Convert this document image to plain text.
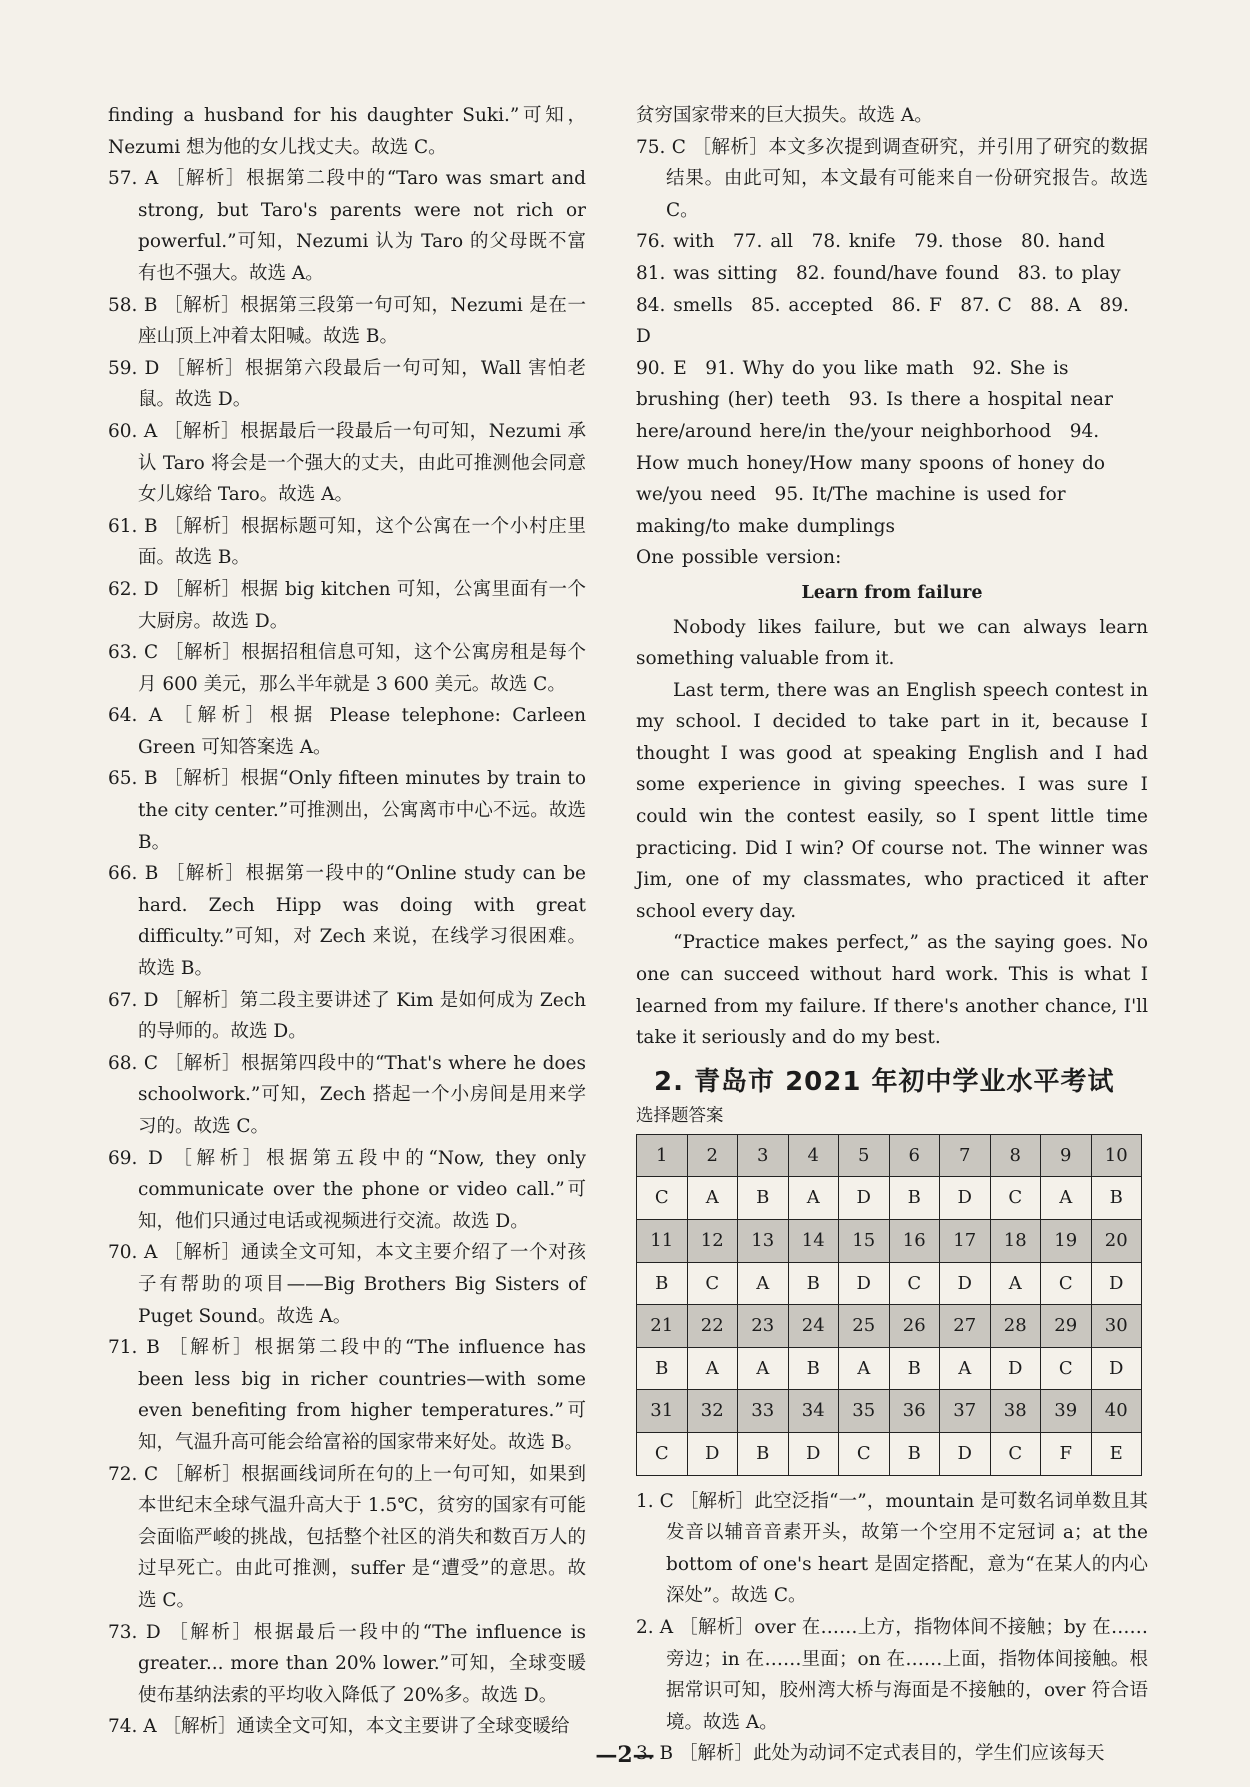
finding a husband for his daughter Suki.”可知，Nezumi 想为他的女儿找丈夫。故选 C。

57. A ［解析］根据第二段中的“Taro was smart and strong, but Taro's parents were not rich or powerful.”可知，Nezumi 认为 Taro 的父母既不富有也不强大。故选 A。

58. B ［解析］根据第三段第一句可知，Nezumi 是在一座山顶上冲着太阳喊。故选 B。

59. D ［解析］根据第六段最后一句可知，Wall 害怕老鼠。故选 D。

60. A ［解析］根据最后一段最后一句可知，Nezumi 承认 Taro 将会是一个强大的丈夫，由此可推测他会同意女儿嫁给 Taro。故选 A。

61. B ［解析］根据标题可知，这个公寓在一个小村庄里面。故选 B。

62. D ［解析］根据 big kitchen 可知，公寓里面有一个大厨房。故选 D。

63. C ［解析］根据招租信息可知，这个公寓房租是每个月 600 美元，那么半年就是 3 600 美元。故选 C。

64. A ［解析］根据 Please telephone: Carleen Green 可知答案选 A。

65. B ［解析］根据“Only fifteen minutes by train to the city center.”可推测出，公寓离市中心不远。故选 B。

66. B ［解析］根据第一段中的“Online study can be hard. Zech Hipp was doing with great difficulty.”可知，对 Zech 来说，在线学习很困难。故选 B。

67. D ［解析］第二段主要讲述了 Kim 是如何成为 Zech 的导师的。故选 D。

68. C ［解析］根据第四段中的“That's where he does schoolwork.”可知，Zech 搭起一个小房间是用来学习的。故选 C。

69. D ［解析］根据第五段中的“Now, they only communicate over the phone or video call.”可知，他们只通过电话或视频进行交流。故选 D。

70. A ［解析］通读全文可知，本文主要介绍了一个对孩子有帮助的项目——Big Brothers Big Sisters of Puget Sound。故选 A。

71. B ［解析］根据第二段中的“The influence has been less big in richer countries—with some even benefiting from higher temperatures.”可知，气温升高可能会给富裕的国家带来好处。故选 B。

72. C ［解析］根据画线词所在句的上一句可知，如果到本世纪末全球气温升高大于 1.5℃，贫穷的国家有可能会面临严峻的挑战，包括整个社区的消失和数百万人的过早死亡。由此可推测，suffer 是“遭受”的意思。故选 C。

73. D ［解析］根据最后一段中的“The influence is greater... more than 20% lower.”可知，全球变暖使布基纳法索的平均收入降低了 20%多。故选 D。

74. A ［解析］通读全文可知，本文主要讲了全球变暖给

贫穷国家带来的巨大损失。故选 A。

75. C ［解析］本文多次提到调查研究，并引用了研究的数据结果。由此可知，本文最有可能来自一份研究报告。故选 C。

76. with　77. all　78. knife　79. those　80. hand

81. was sitting　82. found/have found　83. to play

84. smells　85. accepted　86. F　87. C　88. A　89. D

90. E　91. Why do you like math　92. She is brushing (her) teeth　93. Is there a hospital near here/around here/in the/your neighborhood　94. How much honey/How many spoons of honey do we/you need　95. It/The machine is used for making/to make dumplings

One possible version:

Learn from failure

Nobody likes failure, but we can always learn something valuable from it.

Last term, there was an English speech contest in my school. I decided to take part in it, because I thought I was good at speaking English and I had some experience in giving speeches. I was sure I could win the contest easily, so I spent little time practicing. Did I win? Of course not. The winner was Jim, one of my classmates, who practiced it after school every day.

“Practice makes perfect,” as the saying goes. No one can succeed without hard work. This is what I learned from my failure. If there's another chance, I'll take it seriously and do my best.

2. 青岛市 2021 年初中学业水平考试

选择题答案

1	2	3	4	5	6	7	8	9	10
C	A	B	A	D	B	D	C	A	B
11	12	13	14	15	16	17	18	19	20
B	C	A	B	D	C	D	A	C	D
21	22	23	24	25	26	27	28	29	30
B	A	A	B	A	B	A	D	C	D
31	32	33	34	35	36	37	38	39	40
C	D	B	D	C	B	D	C	F	E

1. C ［解析］此空泛指“一”，mountain 是可数名词单数且其发音以辅音音素开头，故第一个空用不定冠词 a；at the bottom of one's heart 是固定搭配，意为“在某人的内心深处”。故选 C。

2. A ［解析］over 在……上方，指物体间不接触；by 在……旁边；in 在……里面；on 在……上面，指物体间接触。根据常识可知，胶州湾大桥与海面是不接触的，over 符合语境。故选 A。

3. B ［解析］此处为动词不定式表目的，学生们应该每天

—2—
